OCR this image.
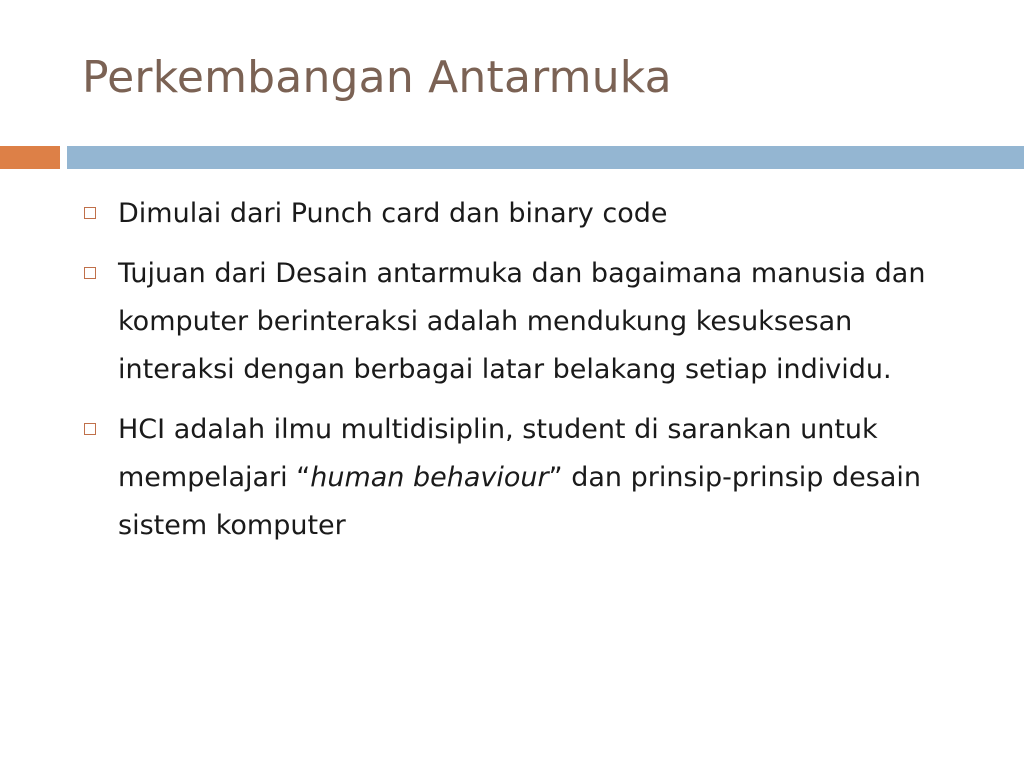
Perkembangan Antarmuka
Dimulai dari Punch card dan binary code
Tujuan dari Desain antarmuka dan bagaimana manusia dan komputer berinteraksi adalah mendukung kesuksesan interaksi dengan berbagai latar belakang setiap individu.
HCI adalah ilmu multidisiplin, student di sarankan untuk mempelajari “human behaviour” dan prinsip-prinsip desain sistem komputer
